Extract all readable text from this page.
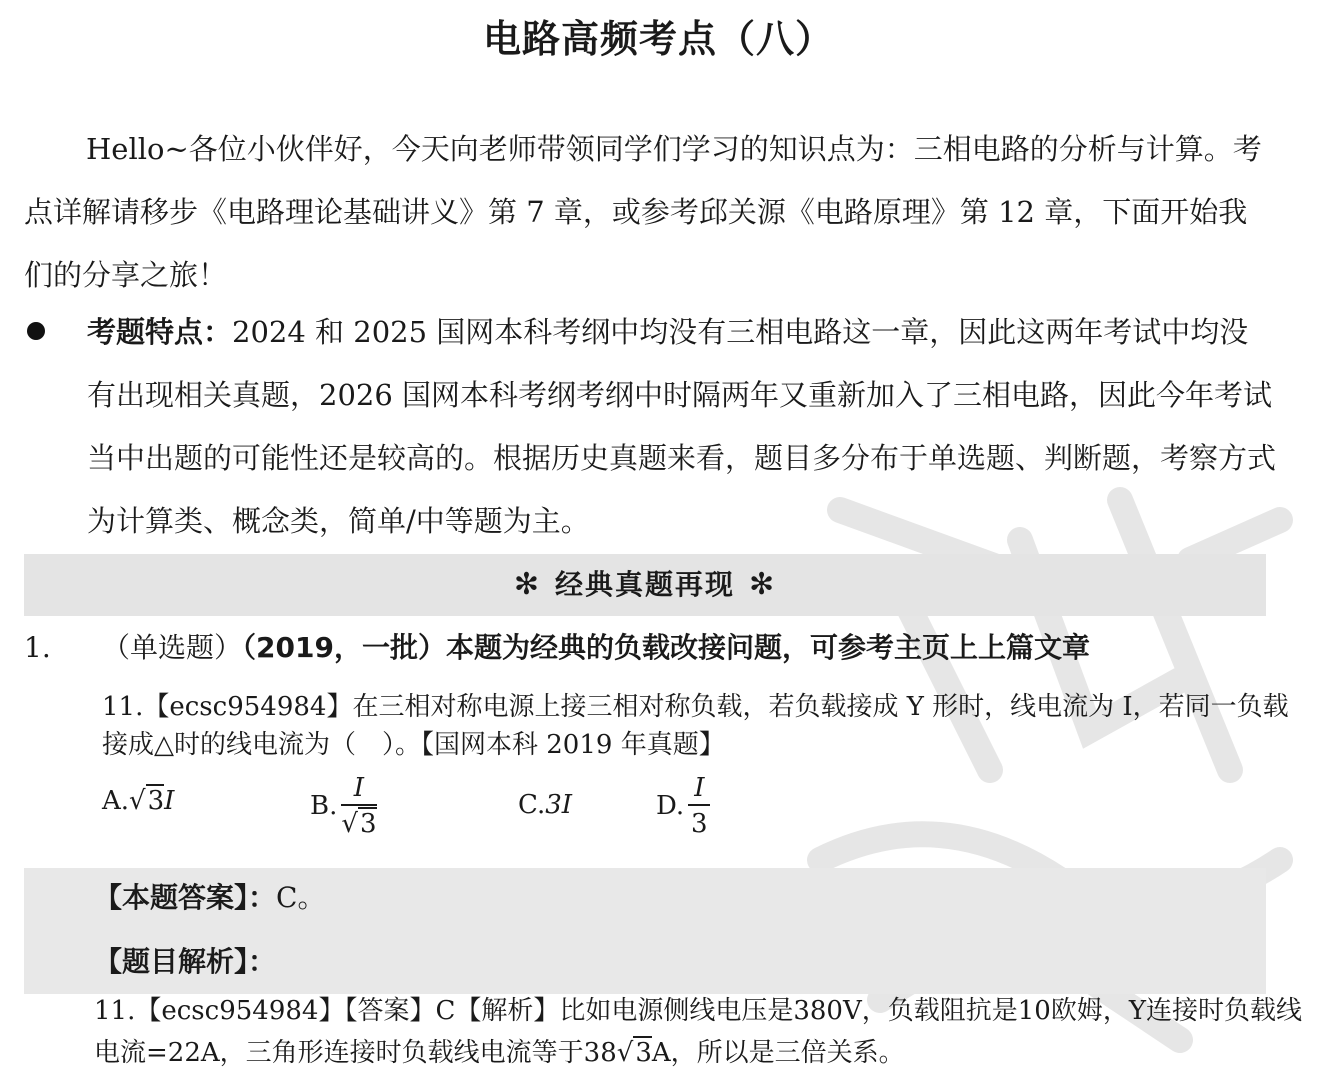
电路高频考点（八）
Hello~各位小伙伴好，今天向老师带领同学们学习的知识点为：三相电路的分析与计算。考点详解请移步《电路理论基础讲义》第 7 章，或参考邱关源《电路原理》第 12 章，下面开始我们的分享之旅！
考题特点：2024 和 2025 国网本科考纲中均没有三相电路这一章，因此这两年考试中均没有出现相关真题，2026 国网本科考纲考纲中时隔两年又重新加入了三相电路，因此今年考试当中出题的可能性还是较高的。根据历史真题来看，题目多分布于单选题、判断题，考察方式为计算类、概念类，简单/中等题为主。
✻ 经典真题再现 ✻
1. （单选题）（2019，一批）本题为经典的负载改接问题，可参考主页上上篇文章
11.【ecsc954984】在三相对称电源上接三相对称负载，若负载接成 Y 形时，线电流为 I，若同一负载接成△时的线电流为（　）。【国网本科 2019 年真题】
A.√3I	B. $\frac{I}{√3}$	C.3I	D. $\frac{I}{3}$
【本题答案】：C。
【题目解析】：
11.【ecsc954984】【答案】C【解析】比如电源侧线电压是380V，负载阻抗是10欧姆，Y连接时负载线电流=22A，三角形连接时负载线电流等于38√3A，所以是三倍关系。
